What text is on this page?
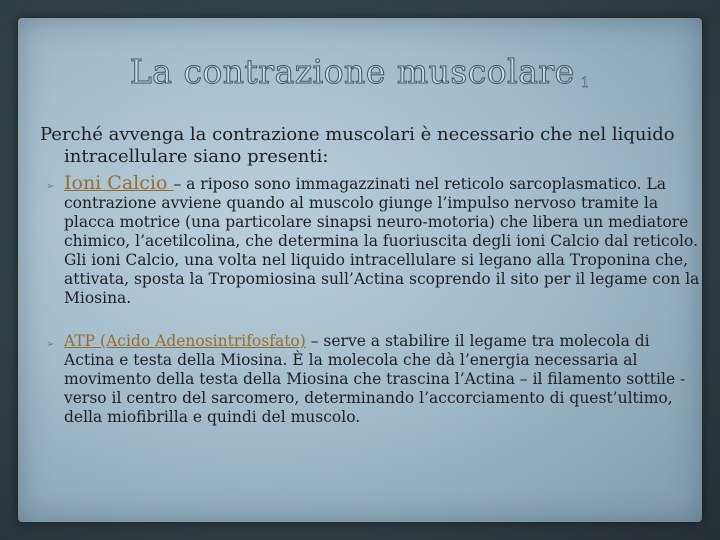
La contrazione muscolare 1

Perché avvenga la contrazione muscolari è necessario che nel liquido intracellulare siano presenti:

➢ Ioni Calcio – a riposo sono immagazzinati nel reticolo sarcoplasmatico. La contrazione avviene quando al muscolo giunge l’impulso nervoso tramite la placca motrice (una particolare sinapsi neuro-motoria) che libera un mediatore chimico, l’acetilcolina, che determina la fuoriuscita degli ioni Calcio dal reticolo. Gli ioni Calcio, una volta nel liquido intracellulare si legano alla Troponina che, attivata, sposta la Tropomiosina sull’Actina scoprendo il sito per il legame con la Miosina.
➢ ATP (Acido Adenosintrifosfato) – serve a stabilire il legame tra molecola di Actina e testa della Miosina. È la molecola che dà l’energia necessaria al movimento della testa della Miosina che trascina l’Actina – il filamento sottile - verso il centro del sarcomero, determinando l’accorciamento di quest’ultimo, della miofibrilla e quindi del muscolo.
